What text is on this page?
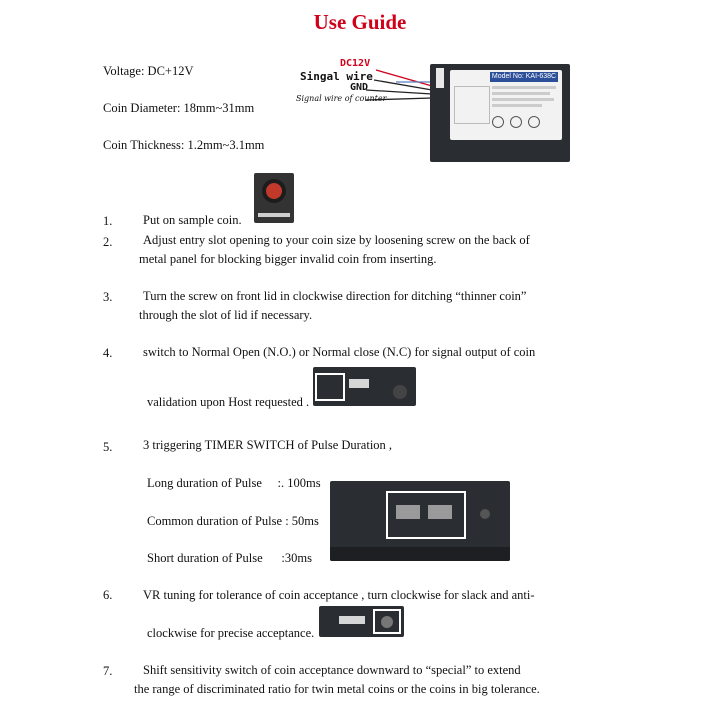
Use Guide
Voltage: DC+12V
Coin Diameter: 18mm~31mm
Coin Thickness: 1.2mm~3.1mm
DC12V
Singal wire
GND
Signal wire of counter
Model No: KAI-638C
1. Put on sample coin.
2. Adjust entry slot opening to your coin size by loosening screw on the back of
metal panel for blocking bigger invalid coin from inserting.
3. Turn the screw on front lid in clockwise direction for ditching “thinner coin”
through the slot of lid if necessary.
4. switch to Normal Open (N.O.) or Normal close (N.C) for signal output of coin
validation upon Host requested .
5. 3 triggering TIMER SWITCH of Pulse Duration ,
Long duration of Pulse     :. 100ms
Common duration of Pulse : 50ms
Short duration of Pulse      :30ms
6. VR tuning for tolerance of coin acceptance , turn clockwise for slack and anti-
clockwise for precise acceptance.
7. Shift sensitivity switch of coin acceptance downward to “special” to extend
the range of discriminated ratio for twin metal coins or the coins in big tolerance.
